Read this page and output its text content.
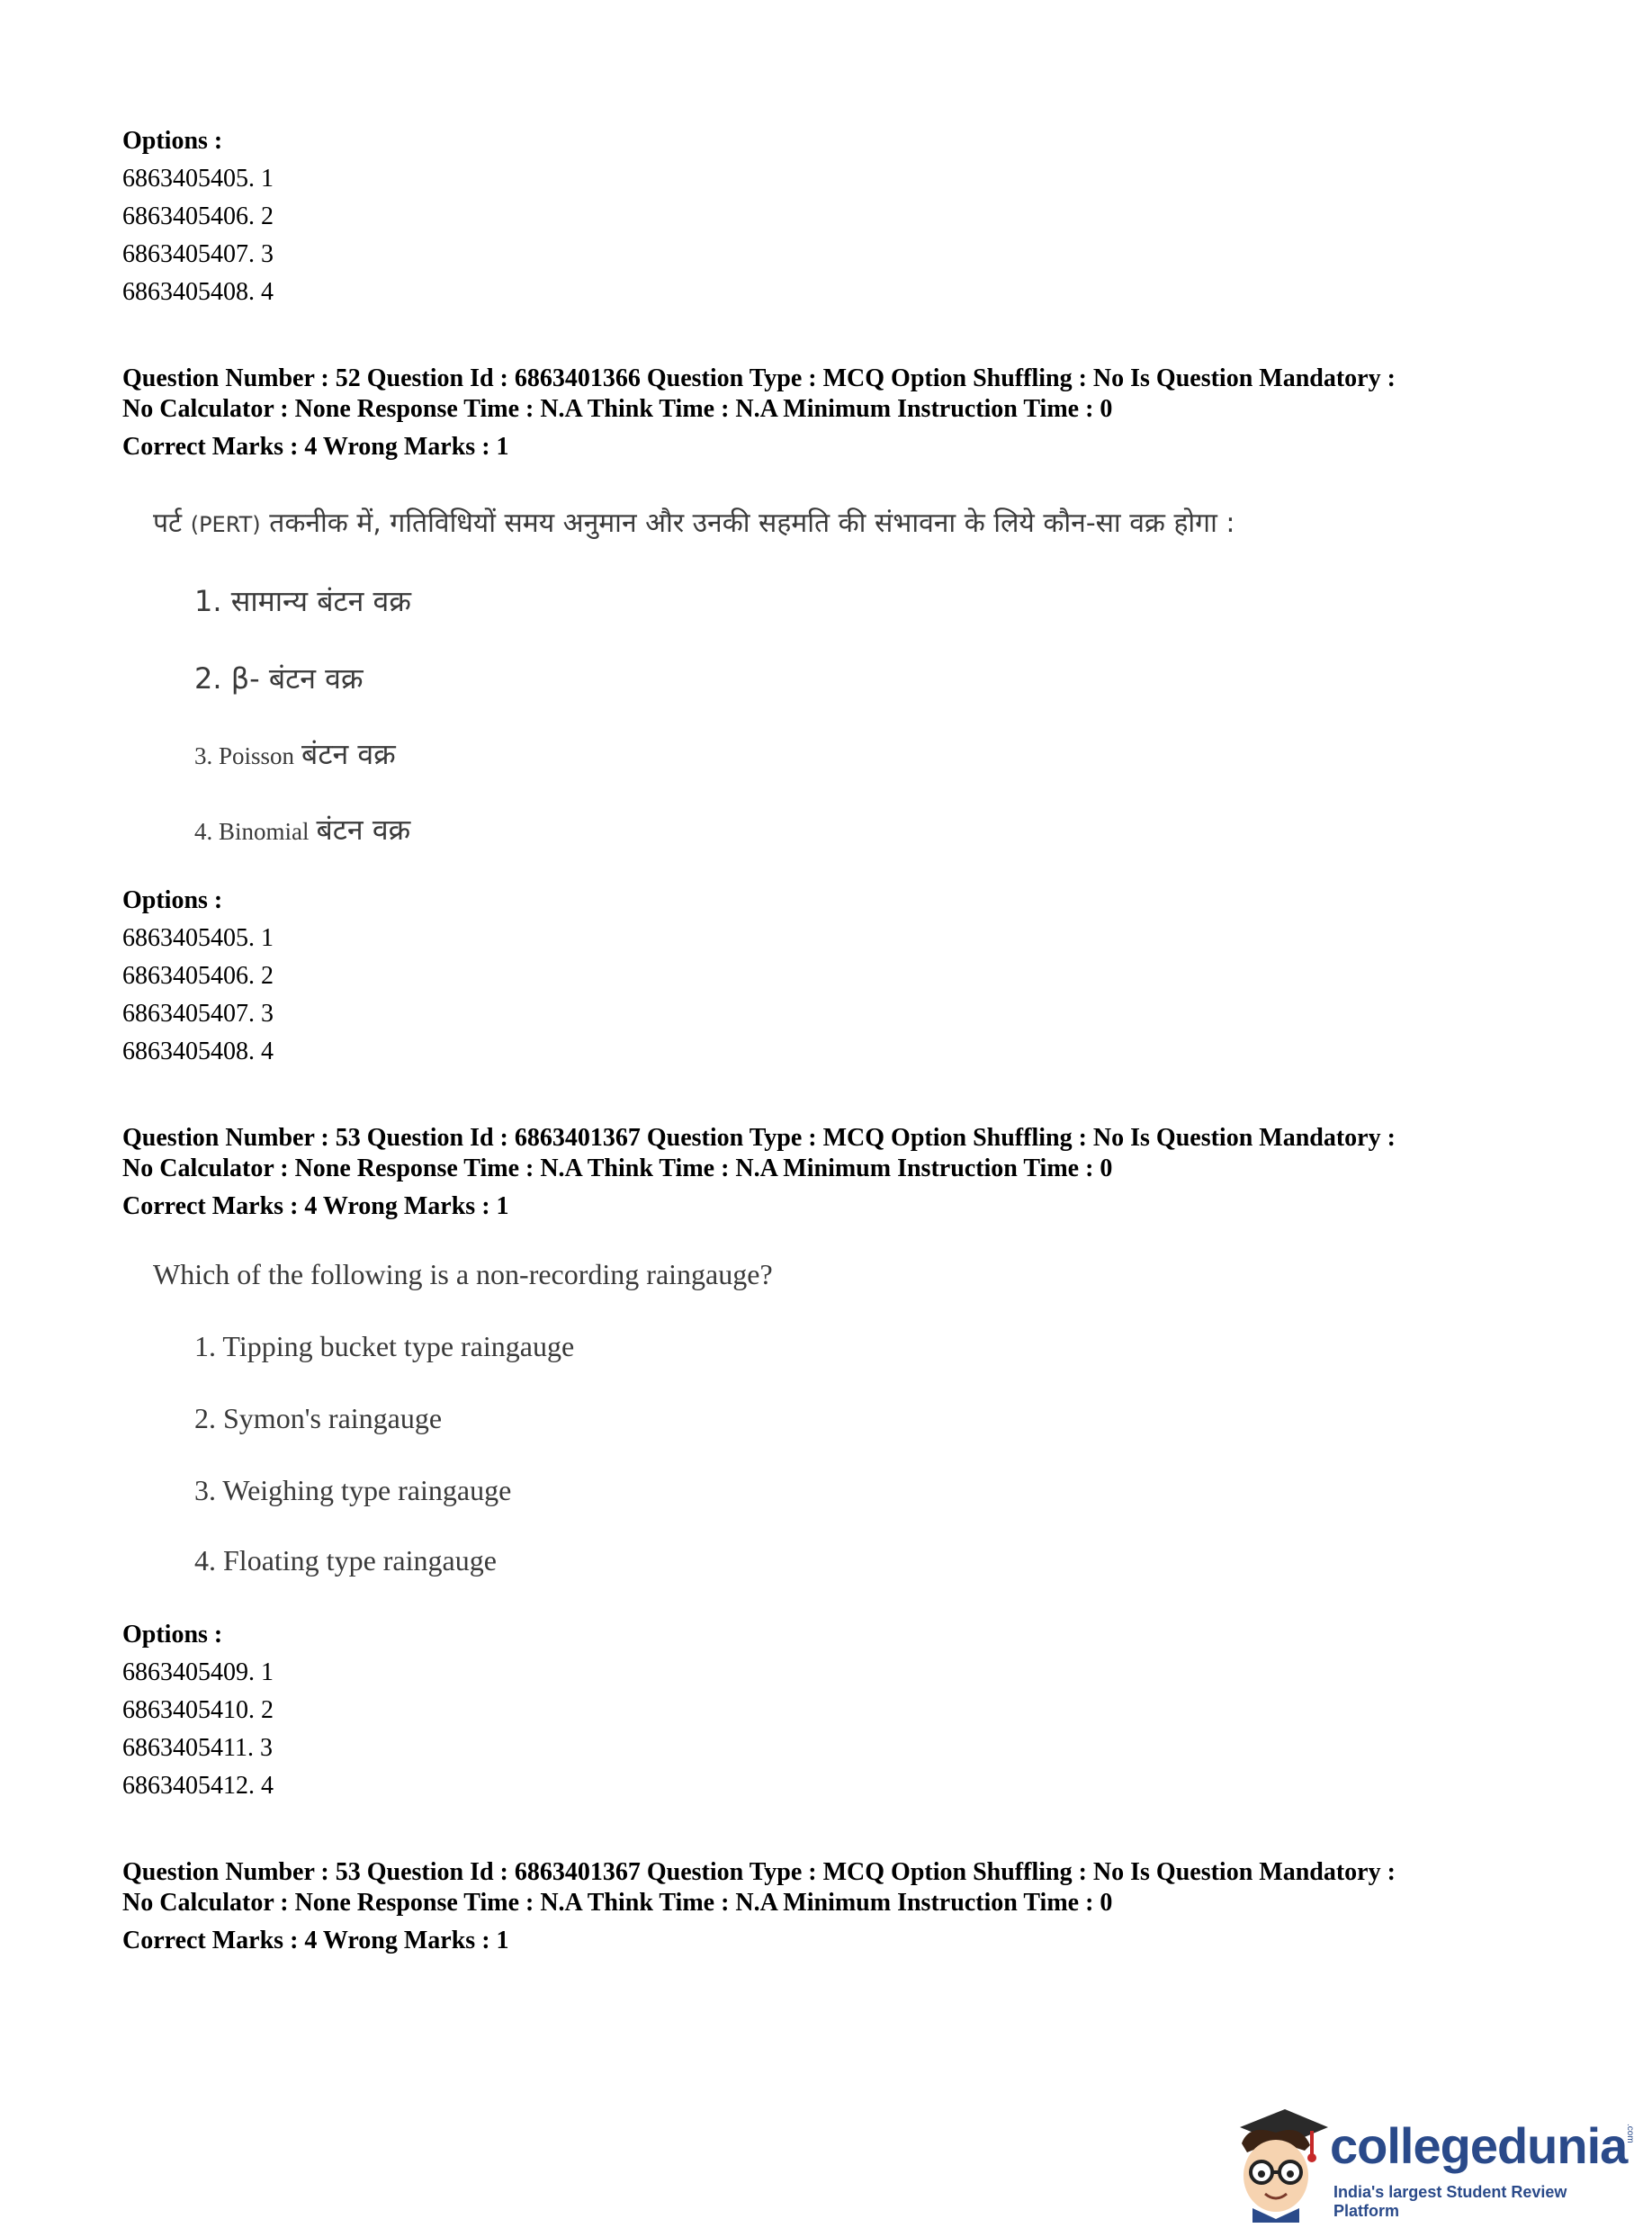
Options :
6863405405. 1
6863405406. 2
6863405407. 3
6863405408. 4
Question Number : 52 Question Id : 6863401366 Question Type : MCQ Option Shuffling : No Is Question Mandatory :
No Calculator : None Response Time : N.A Think Time : N.A Minimum Instruction Time : 0
Correct Marks : 4 Wrong Marks : 1
पर्ट (PERT) तकनीक में, गतिविधियों समय अनुमान और उनकी सहमति की संभावना के लिये कौन-सा वक्र होगा :
1. सामान्य बंटन वक्र
2. β- बंटन वक्र
3. Poisson बंटन वक्र
4. Binomial बंटन वक्र
Options :
6863405405. 1
6863405406. 2
6863405407. 3
6863405408. 4
Question Number : 53 Question Id : 6863401367 Question Type : MCQ Option Shuffling : No Is Question Mandatory :
No Calculator : None Response Time : N.A Think Time : N.A Minimum Instruction Time : 0
Correct Marks : 4 Wrong Marks : 1
Which of the following is a non-recording raingauge?
1. Tipping bucket type raingauge
2. Symon's raingauge
3. Weighing type raingauge
4. Floating type raingauge
Options :
6863405409. 1
6863405410. 2
6863405411. 3
6863405412. 4
Question Number : 53 Question Id : 6863401367 Question Type : MCQ Option Shuffling : No Is Question Mandatory :
No Calculator : None Response Time : N.A Think Time : N.A Minimum Instruction Time : 0
Correct Marks : 4 Wrong Marks : 1
collegedunia
.com
India's largest Student Review Platform
